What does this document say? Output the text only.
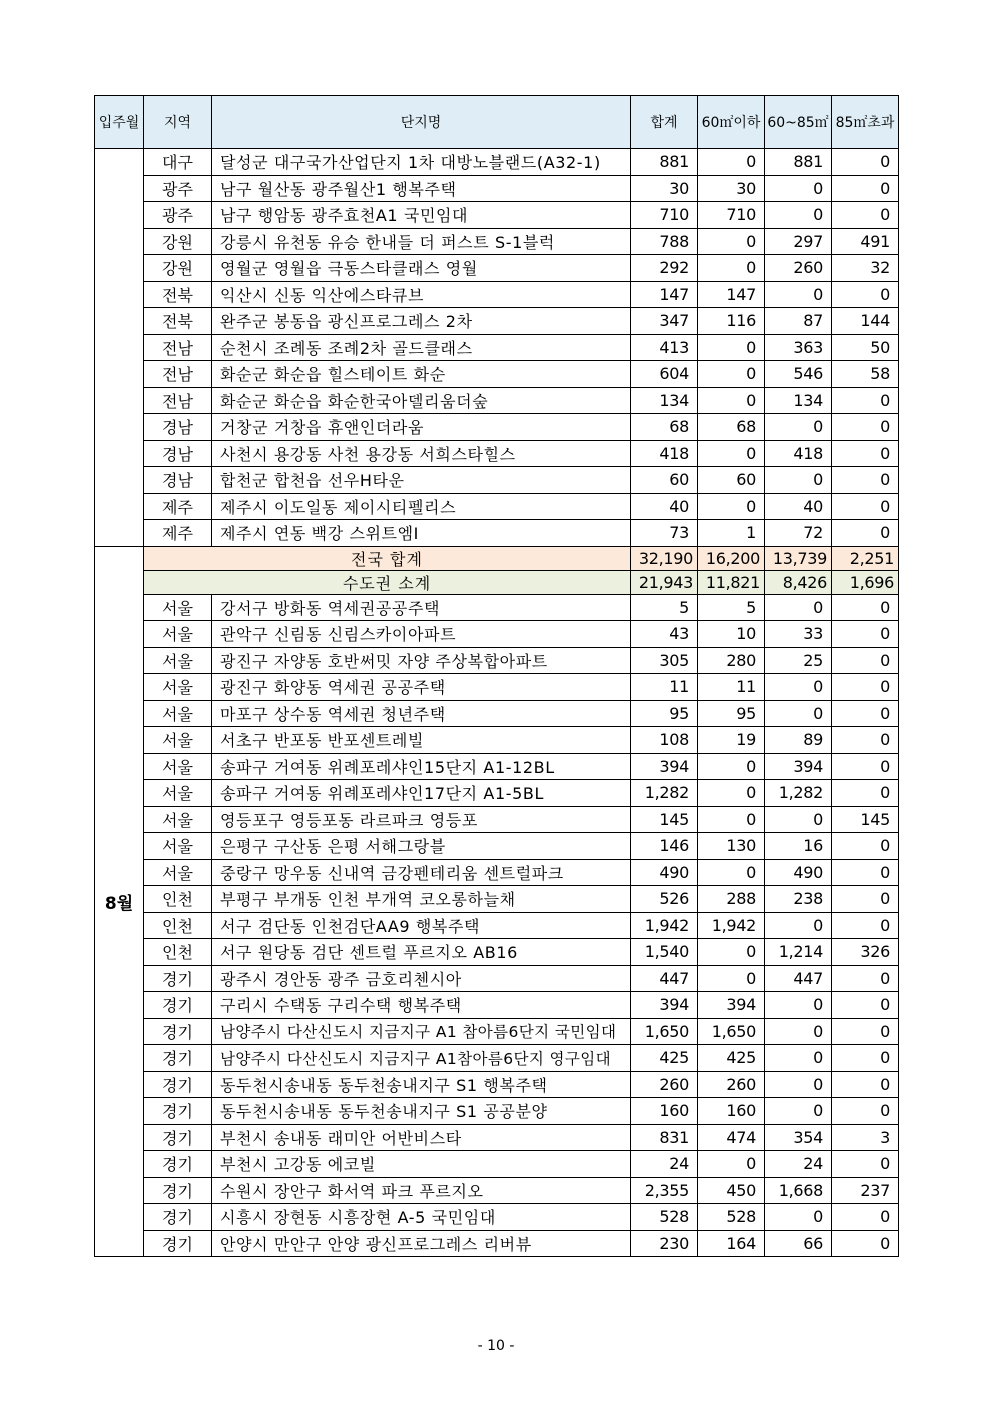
입주월	지역	단지명	합계	60㎡이하	60~85㎡	85㎡초과
	대구	달성군 대구국가산업단지 1차 대방노블랜드(A32-1)	881	0	881	0
	광주	남구 월산동 광주월산1 행복주택	30	30	0	0
	광주	남구 행암동 광주효천A1 국민임대	710	710	0	0
	강원	강릉시 유천동 유승 한내들 더 퍼스트 S-1블럭	788	0	297	491
	강원	영월군 영월읍 극동스타클래스 영월	292	0	260	32
	전북	익산시 신동 익산에스타큐브	147	147	0	0
	전북	완주군 봉동읍 광신프로그레스 2차	347	116	87	144
	전남	순천시 조례동 조례2차 골드클래스	413	0	363	50
	전남	화순군 화순읍 힐스테이트 화순	604	0	546	58
	전남	화순군 화순읍 화순한국아델리움더숲	134	0	134	0
	경남	거창군 거창읍 휴앤인더라움	68	68	0	0
	경남	사천시 용강동 사천 용강동 서희스타힐스	418	0	418	0
	경남	합천군 합천읍 선우H타운	60	60	0	0
	제주	제주시 이도일동 제이시티펠리스	40	0	40	0
	제주	제주시 연동 백강 스위트엠Ⅰ	73	1	72	0
8월	전국 합계		32,190	16,200	13,739	2,251
	수도권 소계		21,943	11,821	8,426	1,696
	서울	강서구 방화동 역세권공공주택	5	5	0	0
	서울	관악구 신림동 신림스카이아파트	43	10	33	0
	서울	광진구 자양동 호반써밋 자양 주상복합아파트	305	280	25	0
	서울	광진구 화양동 역세권 공공주택	11	11	0	0
	서울	마포구 상수동 역세권 청년주택	95	95	0	0
	서울	서초구 반포동 반포센트레빌	108	19	89	0
	서울	송파구 거여동 위례포레샤인15단지 A1-12BL	394	0	394	0
	서울	송파구 거여동 위례포레샤인17단지 A1-5BL	1,282	0	1,282	0
	서울	영등포구 영등포동 라르파크 영등포	145	0	0	145
	서울	은평구 구산동 은평 서해그랑블	146	130	16	0
	서울	중랑구 망우동 신내역 금강펜테리움 센트럴파크	490	0	490	0
	인천	부평구 부개동 인천 부개역 코오롱하늘채	526	288	238	0
	인천	서구 검단동 인천검단AA9 행복주택	1,942	1,942	0	0
	인천	서구 원당동 검단 센트럴 푸르지오 AB16	1,540	0	1,214	326
	경기	광주시 경안동 광주 금호리첸시아	447	0	447	0
	경기	구리시 수택동 구리수택 행복주택	394	394	0	0
	경기	남양주시 다산신도시 지금지구 A1 참아름6단지 국민임대	1,650	1,650	0	0
	경기	남양주시 다산신도시 지금지구 A1참아름6단지 영구임대	425	425	0	0
	경기	동두천시송내동 동두천송내지구 S1 행복주택	260	260	0	0
	경기	동두천시송내동 동두천송내지구 S1 공공분양	160	160	0	0
	경기	부천시 송내동 래미안 어반비스타	831	474	354	3
	경기	부천시 고강동 에코빌	24	0	24	0
	경기	수원시 장안구 화서역 파크 푸르지오	2,355	450	1,668	237
	경기	시흥시 장현동 시흥장현 A-5 국민임대	528	528	0	0
	경기	안양시 만안구 안양 광신프로그레스 리버뷰	230	164	66	0
- 10 -
